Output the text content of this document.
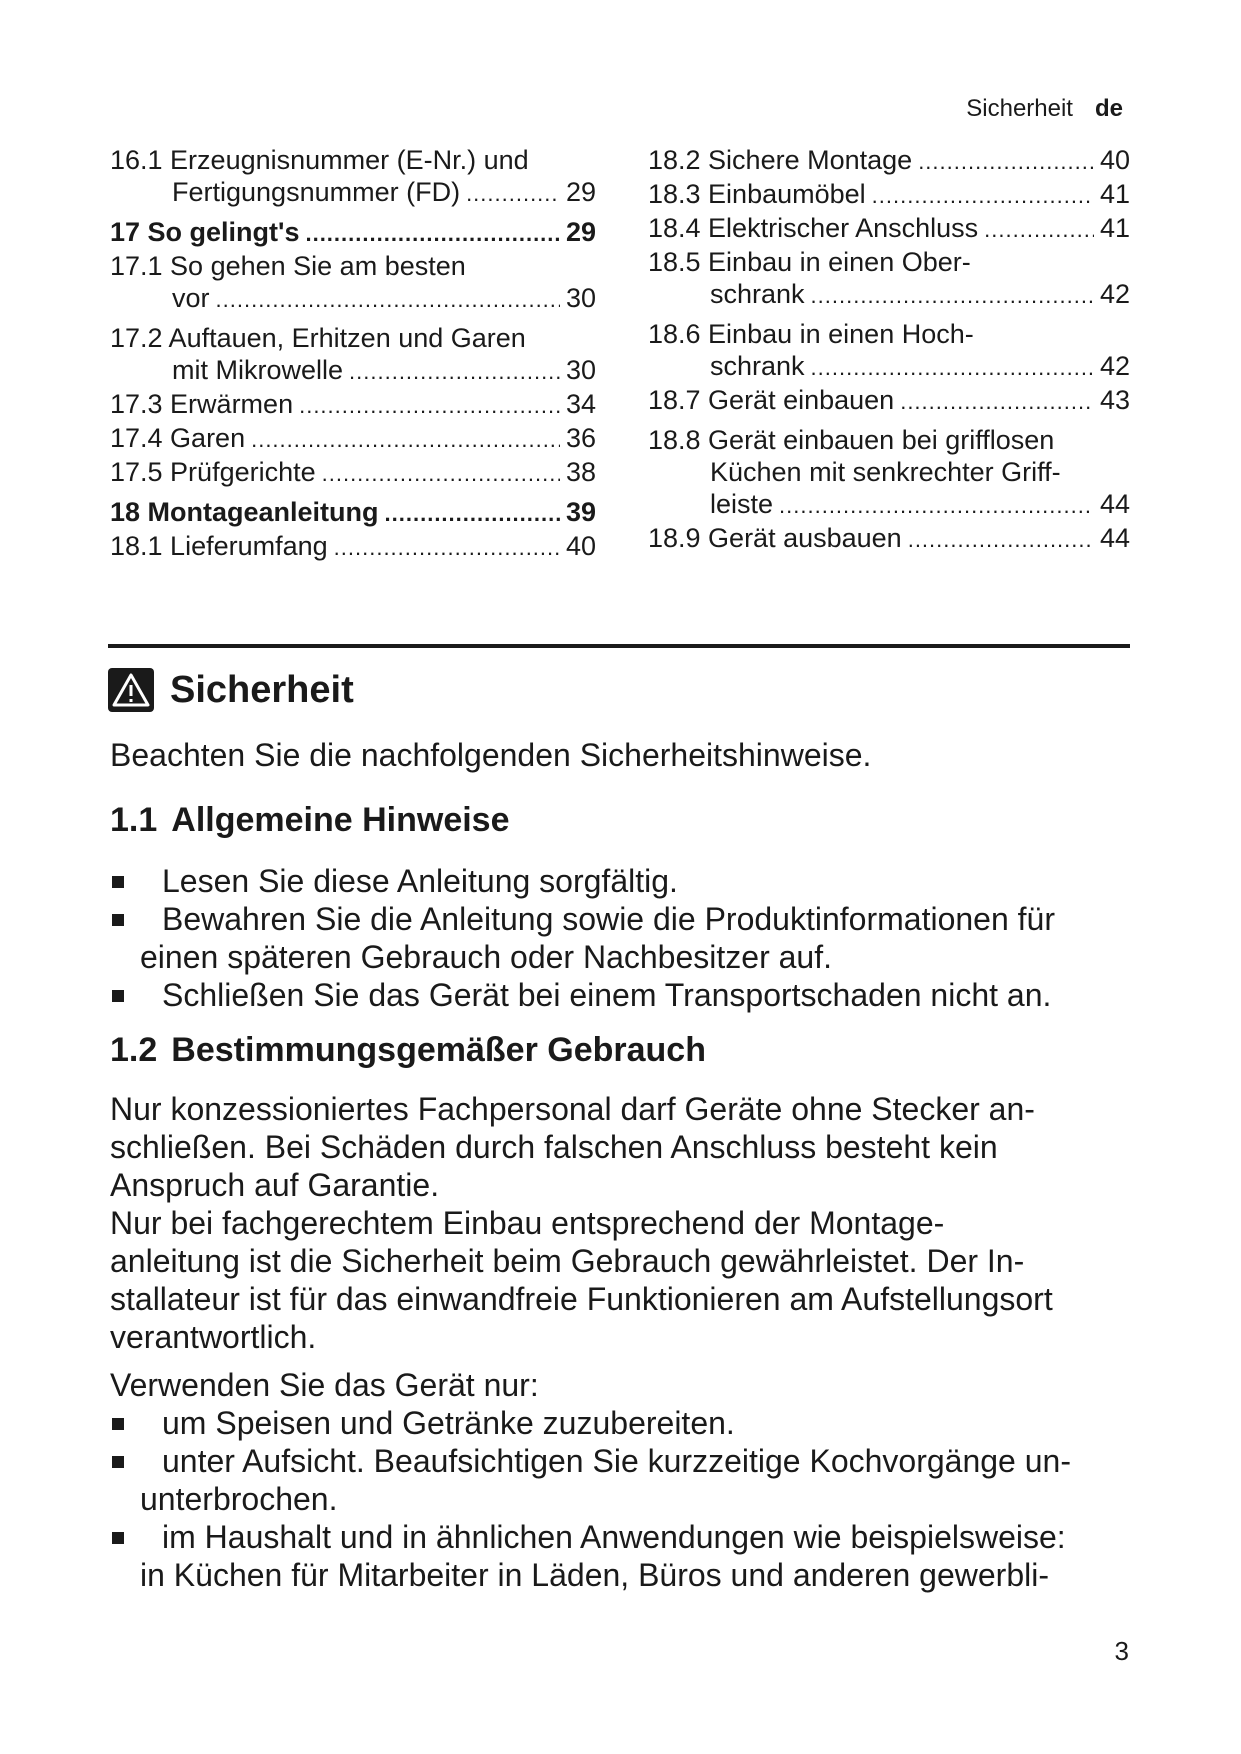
Sicherheit de
16.1 Erzeugnisnummer (E-Nr.) und
Fertigungsnummer (FD) .....	29
17 So gelingt's .....	29
17.1 So gehen Sie am besten
vor .....	30
17.2 Auftauen, Erhitzen und Garen
mit Mikrowelle .....	30
17.3 Erwärmen .....	34
17.4 Garen .....	36
17.5 Prüfgerichte .....	38
18 Montageanleitung .....	39
18.1 Lieferumfang .....	40
18.2 Sichere Montage .....	40
18.3 Einbaumöbel .....	41
18.4 Elektrischer Anschluss .....	41
18.5 Einbau in einen Ober-
schrank .....	42
18.6 Einbau in einen Hoch-
schrank .....	42
18.7 Gerät einbauen .....	43
18.8 Gerät einbauen bei grifflosen
Küchen mit senkrechter Griff-
leiste .....	44
18.9 Gerät ausbauen .....	44
Sicherheit
Beachten Sie die nachfolgenden Sicherheitshinweise.
1.1 Allgemeine Hinweise
Lesen Sie diese Anleitung sorgfältig.
Bewahren Sie die Anleitung sowie die Produktinformationen für
einen späteren Gebrauch oder Nachbesitzer auf.
Schließen Sie das Gerät bei einem Transportschaden nicht an.
1.2 Bestimmungsgemäßer Gebrauch
Nur konzessioniertes Fachpersonal darf Geräte ohne Stecker an-
schließen. Bei Schäden durch falschen Anschluss besteht kein
Anspruch auf Garantie.
Nur bei fachgerechtem Einbau entsprechend der Montage-
anleitung ist die Sicherheit beim Gebrauch gewährleistet. Der In-
stallateur ist für das einwandfreie Funktionieren am Aufstellungsort
verantwortlich.
Verwenden Sie das Gerät nur:
um Speisen und Getränke zuzubereiten.
unter Aufsicht. Beaufsichtigen Sie kurzzeitige Kochvorgänge un-
unterbrochen.
im Haushalt und in ähnlichen Anwendungen wie beispielsweise:
in Küchen für Mitarbeiter in Läden, Büros und anderen gewerbli-
3
